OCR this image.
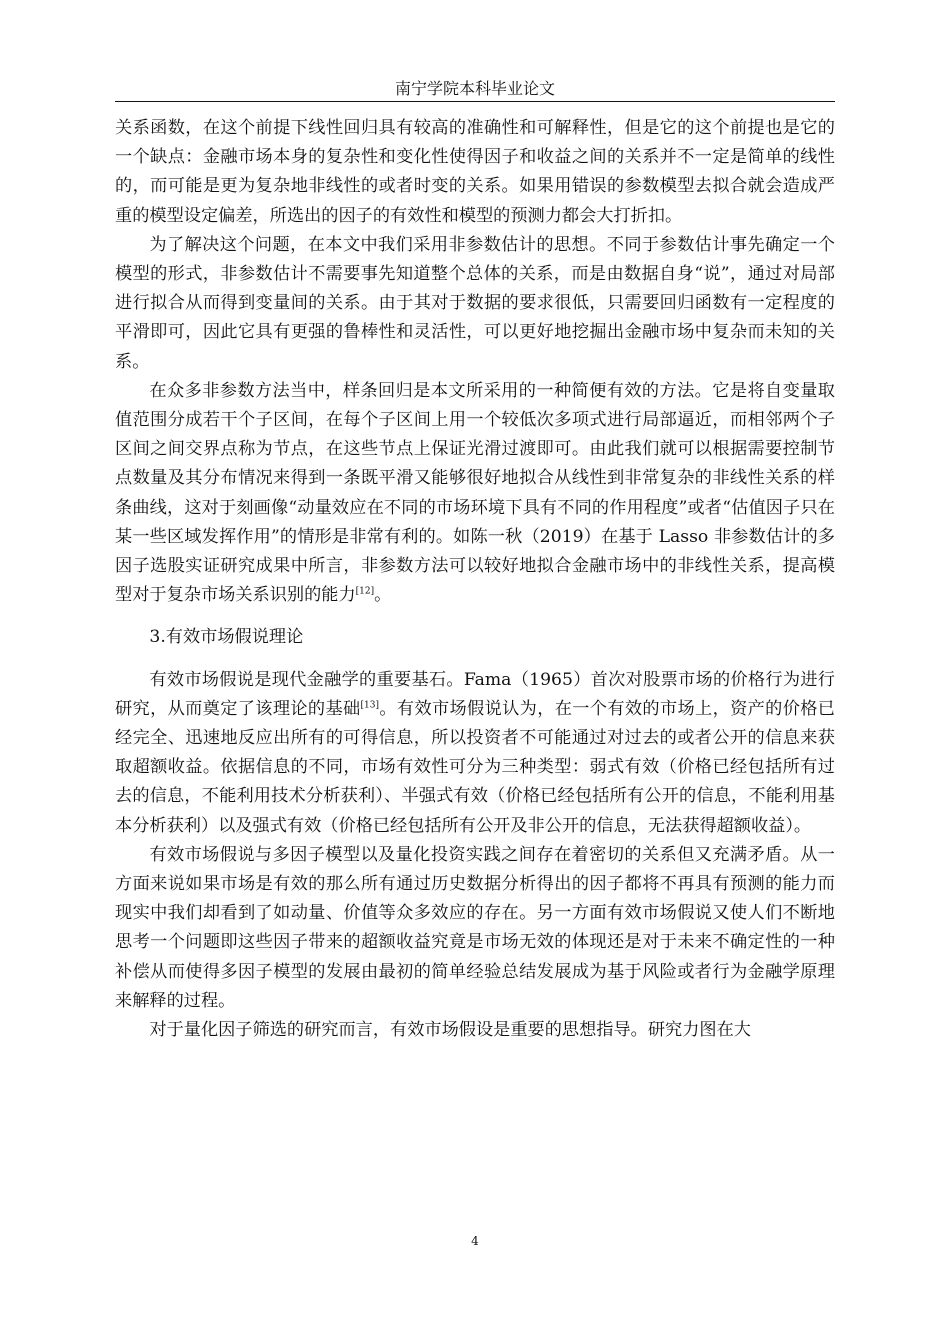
南宁学院本科毕业论文

关系函数，在这个前提下线性回归具有较高的准确性和可解释性，但是它的这个前提也是它的一个缺点：金融市场本身的复杂性和变化性使得因子和收益之间的关系并不一定是简单的线性的，而可能是更为复杂地非线性的或者时变的关系。如果用错误的参数模型去拟合就会造成严重的模型设定偏差，所选出的因子的有效性和模型的预测力都会大打折扣。

为了解决这个问题，在本文中我们采用非参数估计的思想。不同于参数估计事先确定一个模型的形式，非参数估计不需要事先知道整个总体的关系，而是由数据自身“说”，通过对局部进行拟合从而得到变量间的关系。由于其对于数据的要求很低，只需要回归函数有一定程度的平滑即可，因此它具有更强的鲁棒性和灵活性，可以更好地挖掘出金融市场中复杂而未知的关系。

在众多非参数方法当中，样条回归是本文所采用的一种简便有效的方法。它是将自变量取值范围分成若干个子区间，在每个子区间上用一个较低次多项式进行局部逼近，而相邻两个子区间之间交界点称为节点，在这些节点上保证光滑过渡即可。由此我们就可以根据需要控制节点数量及其分布情况来得到一条既平滑又能够很好地拟合从线性到非常复杂的非线性关系的样条曲线，这对于刻画像“动量效应在不同的市场环境下具有不同的作用程度”或者“估值因子只在某一些区域发挥作用”的情形是非常有利的。如陈一秋（2019）在基于 Lasso 非参数估计的多因子选股实证研究成果中所言，非参数方法可以较好地拟合金融市场中的非线性关系，提高模型对于复杂市场关系识别的能力[12]。

3.有效市场假说理论

有效市场假说是现代金融学的重要基石。Fama（1965）首次对股票市场的价格行为进行研究，从而奠定了该理论的基础[13]。有效市场假说认为，在一个有效的市场上，资产的价格已经完全、迅速地反应出所有的可得信息，所以投资者不可能通过对过去的或者公开的信息来获取超额收益。依据信息的不同，市场有效性可分为三种类型：弱式有效（价格已经包括所有过去的信息，不能利用技术分析获利）、半强式有效（价格已经包括所有公开的信息，不能利用基本分析获利）以及强式有效（价格已经包括所有公开及非公开的信息，无法获得超额收益）。

有效市场假说与多因子模型以及量化投资实践之间存在着密切的关系但又充满矛盾。从一方面来说如果市场是有效的那么所有通过历史数据分析得出的因子都将不再具有预测的能力而现实中我们却看到了如动量、价值等众多效应的存在。另一方面有效市场假说又使人们不断地思考一个问题即这些因子带来的超额收益究竟是市场无效的体现还是对于未来不确定性的一种补偿从而使得多因子模型的发展由最初的简单经验总结发展成为基于风险或者行为金融学原理来解释的过程。

对于量化因子筛选的研究而言，有效市场假设是重要的思想指导。研究力图在大

4
